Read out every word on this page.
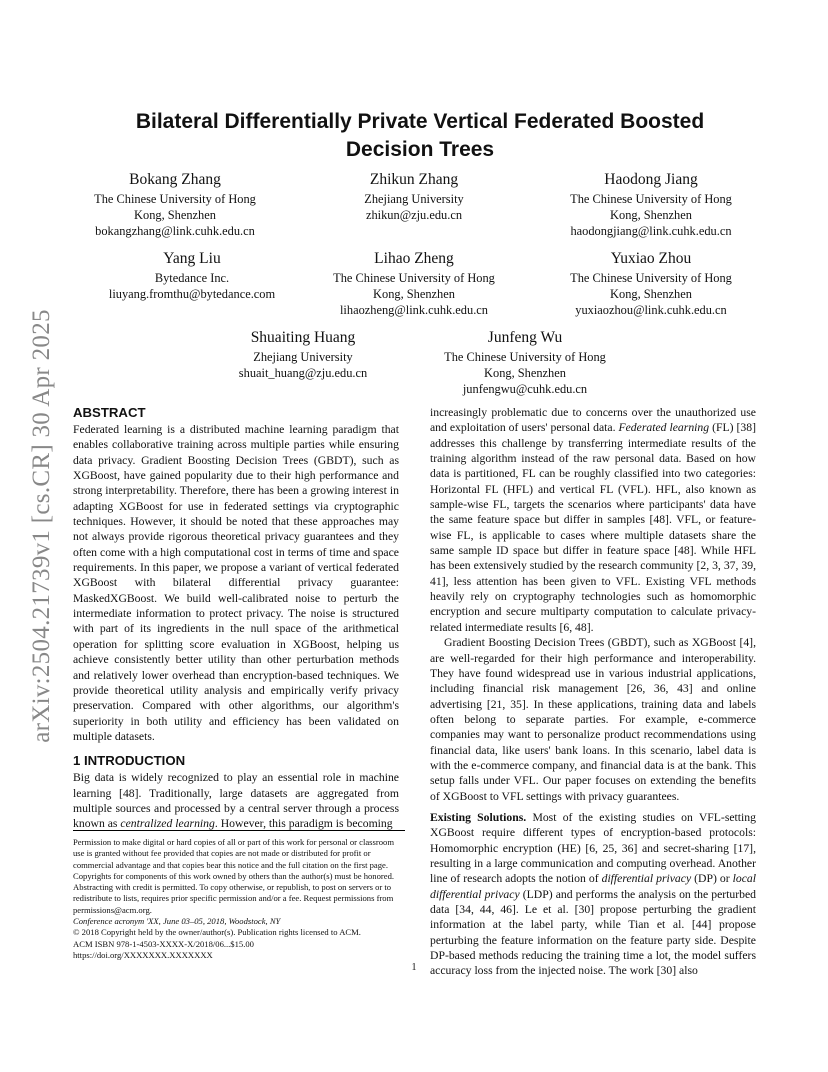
arXiv:2504.21739v1 [cs.CR] 30 Apr 2025
Bilateral Differentially Private Vertical Federated Boosted Decision Trees
Bokang Zhang
The Chinese University of Hong
Kong, Shenzhen
bokangzhang@link.cuhk.edu.cn
Zhikun Zhang
Zhejiang University
zhikun@zju.edu.cn
Haodong Jiang
The Chinese University of Hong
Kong, Shenzhen
haodongjiang@link.cuhk.edu.cn
Yang Liu
Bytedance Inc.
liuyang.fromthu@bytedance.com
Lihao Zheng
The Chinese University of Hong
Kong, Shenzhen
lihaozheng@link.cuhk.edu.cn
Yuxiao Zhou
The Chinese University of Hong
Kong, Shenzhen
yuxiaozhou@link.cuhk.edu.cn
Shuaiting Huang
Zhejiang University
shuait_huang@zju.edu.cn
Junfeng Wu
The Chinese University of Hong
Kong, Shenzhen
junfengwu@cuhk.edu.cn
ABSTRACT

Federated learning is a distributed machine learning paradigm that enables collaborative training across multiple parties while ensuring data privacy. Gradient Boosting Decision Trees (GBDT), such as XGBoost, have gained popularity due to their high performance and strong interpretability. Therefore, there has been a growing interest in adapting XGBoost for use in federated settings via cryptographic techniques. However, it should be noted that these approaches may not always provide rigorous theoretical privacy guarantees and they often come with a high computational cost in terms of time and space requirements. In this paper, we propose a variant of vertical federated XGBoost with bilateral differential privacy guarantee: MaskedXGBoost. We build well-calibrated noise to perturb the intermediate information to protect privacy. The noise is structured with part of its ingredients in the null space of the arithmetical operation for splitting score evaluation in XGBoost, helping us achieve consistently better utility than other perturbation methods and relatively lower overhead than encryption-based techniques. We provide theoretical utility analysis and empirically verify privacy preservation. Compared with other algorithms, our algorithm's superiority in both utility and efficiency has been validated on multiple datasets.

1 INTRODUCTION

Big data is widely recognized to play an essential role in machine learning [48]. Traditionally, large datasets are aggregated from multiple sources and processed by a central server through a process known as centralized learning. However, this paradigm is becoming

Permission to make digital or hard copies of all or part of this work for personal or classroom use is granted without fee provided that copies are not made or distributed for profit or commercial advantage and that copies bear this notice and the full citation on the first page. Copyrights for components of this work owned by others than the author(s) must be honored. Abstracting with credit is permitted. To copy otherwise, or republish, to post on servers or to redistribute to lists, requires prior specific permission and/or a fee. Request permissions from permissions@acm.org.

Conference acronym 'XX, June 03–05, 2018, Woodstock, NY

© 2018 Copyright held by the owner/author(s). Publication rights licensed to ACM.

ACM ISBN 978-1-4503-XXXX-X/2018/06...$15.00

https://doi.org/XXXXXXX.XXXXXXX

increasingly problematic due to concerns over the unauthorized use and exploitation of users' personal data. Federated learning (FL) [38] addresses this challenge by transferring intermediate results of the training algorithm instead of the raw personal data. Based on how data is partitioned, FL can be roughly classified into two categories: Horizontal FL (HFL) and vertical FL (VFL). HFL, also known as sample-wise FL, targets the scenarios where participants' data have the same feature space but differ in samples [48]. VFL, or feature-wise FL, is applicable to cases where multiple datasets share the same sample ID space but differ in feature space [48]. While HFL has been extensively studied by the research community [2, 3, 37, 39, 41], less attention has been given to VFL. Existing VFL methods heavily rely on cryptography technologies such as homomorphic encryption and secure multiparty computation to calculate privacy-related intermediate results [6, 48].

Gradient Boosting Decision Trees (GBDT), such as XGBoost [4], are well-regarded for their high performance and interoperability. They have found widespread use in various industrial applications, including financial risk management [26, 36, 43] and online advertising [21, 35]. In these applications, training data and labels often belong to separate parties. For example, e-commerce companies may want to personalize product recommendations using financial data, like users' bank loans. In this scenario, label data is with the e-commerce company, and financial data is at the bank. This setup falls under VFL. Our paper focuses on extending the benefits of XGBoost to VFL settings with privacy guarantees.

Existing Solutions. Most of the existing studies on VFL-setting XGBoost require different types of encryption-based protocols: Homomorphic encryption (HE) [6, 25, 36] and secret-sharing [17], resulting in a large communication and computing overhead. Another line of research adopts the notion of differential privacy (DP) or local differential privacy (LDP) and performs the analysis on the perturbed data [34, 44, 46]. Le et al. [30] propose perturbing the gradient information at the label party, while Tian et al. [44] propose perturbing the feature information on the feature party side. Despite DP-based methods reducing the training time a lot, the model suffers accuracy loss from the injected noise. The work [30] also

1
